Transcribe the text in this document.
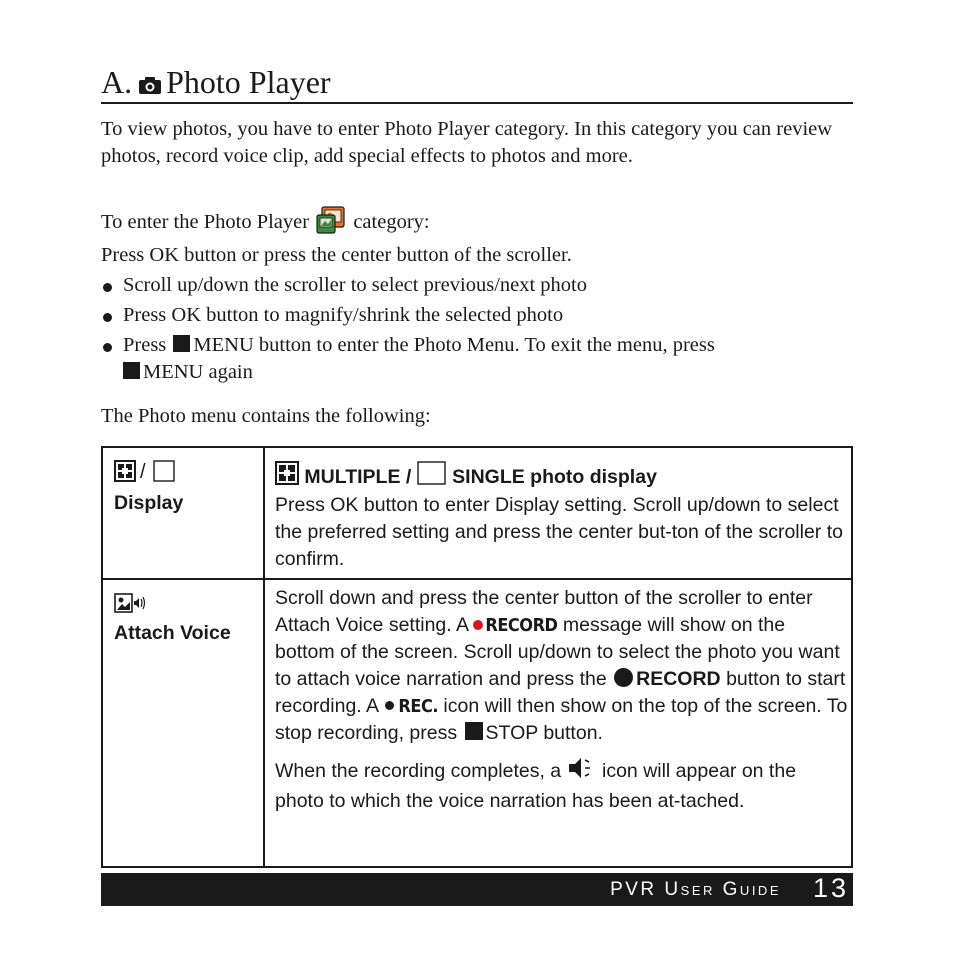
A. Photo Player
To view photos, you have to enter Photo Player category. In this category you can review photos, record voice clip, add special effects to photos and more.
To enter the Photo Player category:
Press OK button or press the center button of the scroller.
Scroll up/down the scroller to select previous/next photo
Press OK button to magnify/shrink the selected photo
Press MENU button to enter the Photo Menu. To exit the menu, press
MENU again
The Photo menu contains the following:
/
Display
MULTIPLE / SINGLE photo display
Press OK button to enter Display setting. Scroll up/down to select the preferred setting and press the center but-ton of the scroller to confirm.
Attach Voice
Scroll down and press the center button of the scroller to enter Attach Voice setting. A RECORD message will show on the bottom of the screen. Scroll up/down to select the photo you want to attach voice narration and press the RECORD button to start recording. A REC. icon will then show on the top of the screen. To stop recording, press STOP button.
When the recording completes, a icon will appear on the photo to which the voice narration has been at-tached.
PVR User Guide 13
